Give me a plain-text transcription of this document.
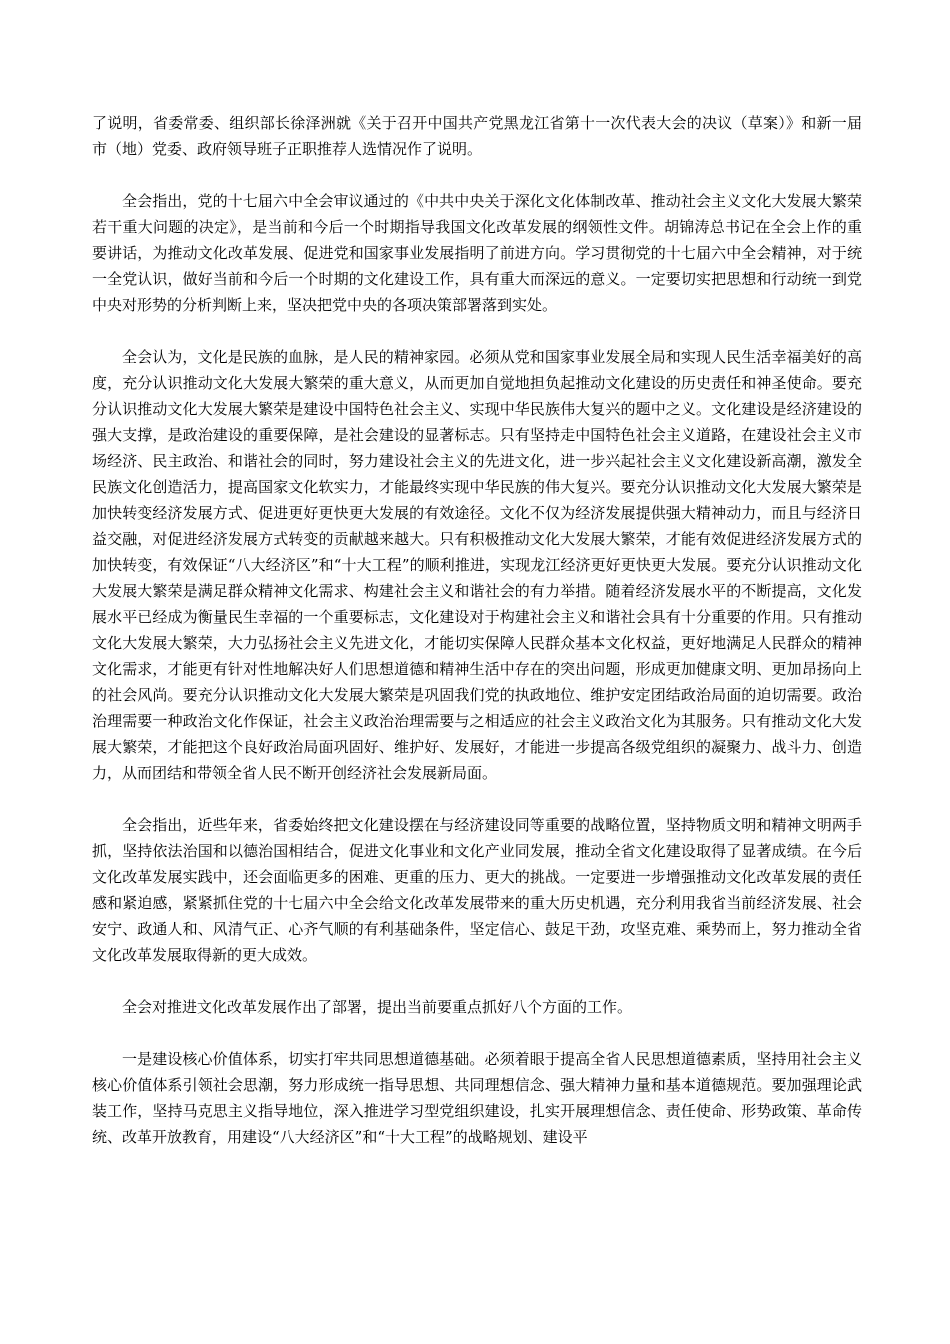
了说明，省委常委、组织部长徐泽洲就《关于召开中国共产党黑龙江省第十一次代表大会的决议（草案）》和新一届市（地）党委、政府领导班子正职推荐人选情况作了说明。

全会指出，党的十七届六中全会审议通过的《中共中央关于深化文化体制改革、推动社会主义文化大发展大繁荣若干重大问题的决定》，是当前和今后一个时期指导我国文化改革发展的纲领性文件。胡锦涛总书记在全会上作的重要讲话，为推动文化改革发展、促进党和国家事业发展指明了前进方向。学习贯彻党的十七届六中全会精神，对于统一全党认识，做好当前和今后一个时期的文化建设工作，具有重大而深远的意义。一定要切实把思想和行动统一到党中央对形势的分析判断上来，坚决把党中央的各项决策部署落到实处。

全会认为，文化是民族的血脉，是人民的精神家园。必须从党和国家事业发展全局和实现人民生活幸福美好的高度，充分认识推动文化大发展大繁荣的重大意义，从而更加自觉地担负起推动文化建设的历史责任和神圣使命。要充分认识推动文化大发展大繁荣是建设中国特色社会主义、实现中华民族伟大复兴的题中之义。文化建设是经济建设的强大支撑，是政治建设的重要保障，是社会建设的显著标志。只有坚持走中国特色社会主义道路，在建设社会主义市场经济、民主政治、和谐社会的同时，努力建设社会主义的先进文化，进一步兴起社会主义文化建设新高潮，激发全民族文化创造活力，提高国家文化软实力，才能最终实现中华民族的伟大复兴。要充分认识推动文化大发展大繁荣是加快转变经济发展方式、促进更好更快更大发展的有效途径。文化不仅为经济发展提供强大精神动力，而且与经济日益交融，对促进经济发展方式转变的贡献越来越大。只有积极推动文化大发展大繁荣，才能有效促进经济发展方式的加快转变，有效保证“八大经济区”和“十大工程”的顺利推进，实现龙江经济更好更快更大发展。要充分认识推动文化大发展大繁荣是满足群众精神文化需求、构建社会主义和谐社会的有力举措。随着经济发展水平的不断提高，文化发展水平已经成为衡量民生幸福的一个重要标志，文化建设对于构建社会主义和谐社会具有十分重要的作用。只有推动文化大发展大繁荣，大力弘扬社会主义先进文化，才能切实保障人民群众基本文化权益，更好地满足人民群众的精神文化需求，才能更有针对性地解决好人们思想道德和精神生活中存在的突出问题，形成更加健康文明、更加昂扬向上的社会风尚。要充分认识推动文化大发展大繁荣是巩固我们党的执政地位、维护安定团结政治局面的迫切需要。政治治理需要一种政治文化作保证，社会主义政治治理需要与之相适应的社会主义政治文化为其服务。只有推动文化大发展大繁荣，才能把这个良好政治局面巩固好、维护好、发展好，才能进一步提高各级党组织的凝聚力、战斗力、创造力，从而团结和带领全省人民不断开创经济社会发展新局面。

全会指出，近些年来，省委始终把文化建设摆在与经济建设同等重要的战略位置，坚持物质文明和精神文明两手抓，坚持依法治国和以德治国相结合，促进文化事业和文化产业同发展，推动全省文化建设取得了显著成绩。在今后文化改革发展实践中，还会面临更多的困难、更重的压力、更大的挑战。一定要进一步增强推动文化改革发展的责任感和紧迫感，紧紧抓住党的十七届六中全会给文化改革发展带来的重大历史机遇，充分利用我省当前经济发展、社会安宁、政通人和、风清气正、心齐气顺的有利基础条件，坚定信心、鼓足干劲，攻坚克难、乘势而上，努力推动全省文化改革发展取得新的更大成效。

全会对推进文化改革发展作出了部署，提出当前要重点抓好八个方面的工作。

一是建设核心价值体系，切实打牢共同思想道德基础。必须着眼于提高全省人民思想道德素质，坚持用社会主义核心价值体系引领社会思潮，努力形成统一指导思想、共同理想信念、强大精神力量和基本道德规范。要加强理论武装工作，坚持马克思主义指导地位，深入推进学习型党组织建设，扎实开展理想信念、责任使命、形势政策、革命传统、改革开放教育，用建设“八大经济区”和“十大工程”的战略规划、建设平
